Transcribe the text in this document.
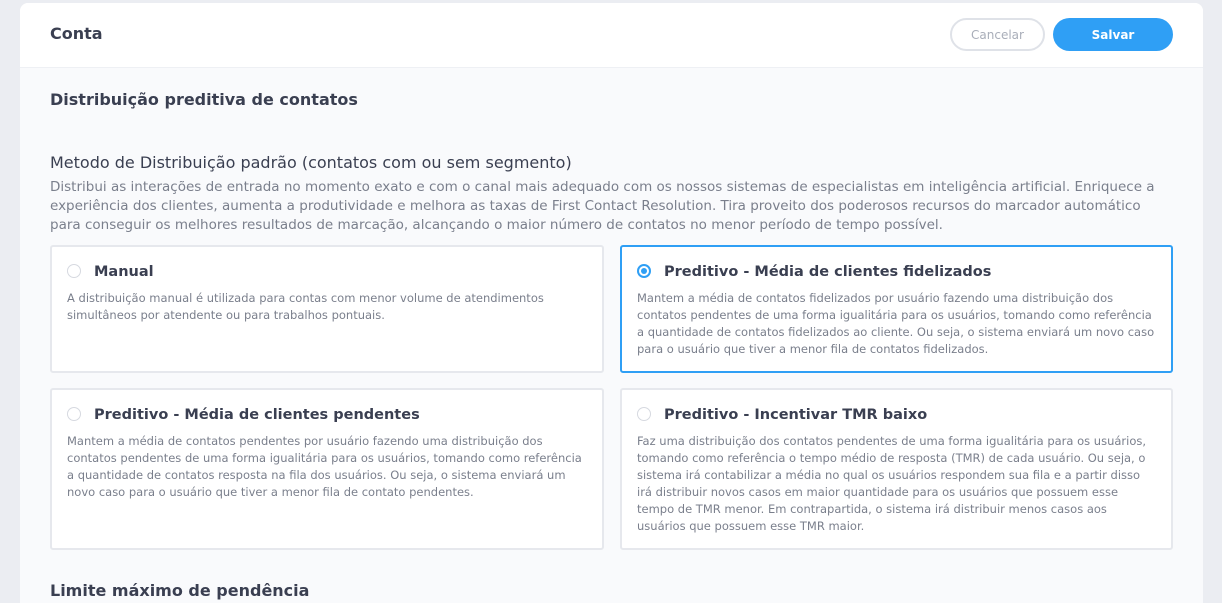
Conta	Cancelar	Salvar
Distribuição preditiva de contatos
Metodo de Distribuição padrão (contatos com ou sem segmento)
Distribui as interações de entrada no momento exato e com o canal mais adequado com os nossos sistemas de especialistas em inteligência artificial. Enriquece a experiência dos clientes, aumenta a produtividade e melhora as taxas de First Contact Resolution. Tira proveito dos poderosos recursos do marcador automático para conseguir os melhores resultados de marcação, alcançando o maior número de contatos no menor período de tempo possível.
Manual
A distribuição manual é utilizada para contas com menor volume de atendimentos simultâneos por atendente ou para trabalhos pontuais.
Preditivo - Média de clientes fidelizados
Mantem a média de contatos fidelizados por usuário fazendo uma distribuição dos contatos pendentes de uma forma igualitária para os usuários, tomando como referência a quantidade de contatos fidelizados ao cliente. Ou seja, o sistema enviará um novo caso para o usuário que tiver a menor fila de contatos fidelizados.
Preditivo - Média de clientes pendentes
Mantem a média de contatos pendentes por usuário fazendo uma distribuição dos contatos pendentes de uma forma igualitária para os usuários, tomando como referência a quantidade de contatos resposta na fila dos usuários. Ou seja, o sistema enviará um novo caso para o usuário que tiver a menor fila de contato pendentes.
Preditivo - Incentivar TMR baixo
Faz uma distribuição dos contatos pendentes de uma forma igualitária para os usuários, tomando como referência o tempo médio de resposta (TMR) de cada usuário. Ou seja, o sistema irá contabilizar a média no qual os usuários respondem sua fila e a partir disso irá distribuir novos casos em maior quantidade para os usuários que possuem esse tempo de TMR menor. Em contrapartida, o sistema irá distribuir menos casos aos usuários que possuem esse TMR maior.
Limite máximo de pendência
